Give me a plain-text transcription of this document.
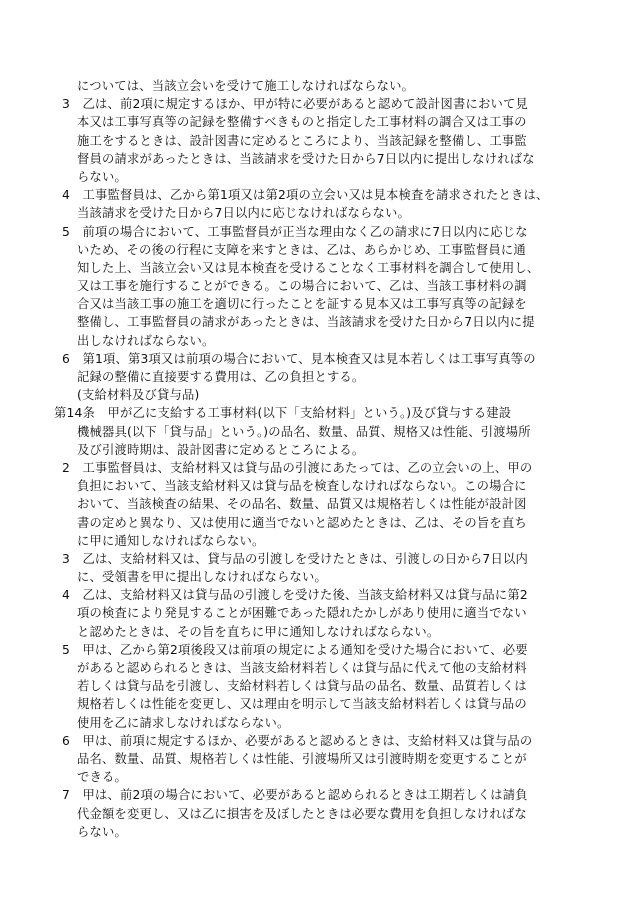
については、当該立会いを受けて施工しなければならない。
3　乙は、前2項に規定するほか、甲が特に必要があると認めて設計図書において見
本又は工事写真等の記録を整備すべきものと指定した工事材料の調合又は工事の
施工をするときは、設計図書に定めるところにより、当該記録を整備し、工事監
督員の請求があったときは、当該請求を受けた日から7日以内に提出しなければな
らない。
4　工事監督員は、乙から第1項又は第2項の立会い又は見本検査を請求されたときは、
当該請求を受けた日から7日以内に応じなければならない。
5　前項の場合において、工事監督員が正当な理由なく乙の請求に7日以内に応じな
いため、その後の行程に支障を来すときは、乙は、あらかじめ、工事監督員に通
知した上、当該立会い又は見本検査を受けることなく工事材料を調合して使用し、
又は工事を施行することができる。この場合において、乙は、当該工事材料の調
合又は当該工事の施工を適切に行ったことを証する見本又は工事写真等の記録を
整備し、工事監督員の請求があったときは、当該請求を受けた日から7日以内に提
出しなければならない。
6　第1項、第3項又は前項の場合において、見本検査又は見本若しくは工事写真等の
記録の整備に直接要する費用は、乙の負担とする。
(支給材料及び貸与品)
第14条　甲が乙に支給する工事材料(以下「支給材料」という。)及び貸与する建設
機械器具(以下「貸与品」という。)の品名、数量、品質、規格又は性能、引渡場所
及び引渡時期は、設計図書に定めるところによる。
2　工事監督員は、支給材料又は貸与品の引渡にあたっては、乙の立会いの上、甲の
負担において、当該支給材料又は貸与品を検査しなければならない。この場合に
おいて、当該検査の結果、その品名、数量、品質又は規格若しくは性能が設計図
書の定めと異なり、又は使用に適当でないと認めたときは、乙は、その旨を直ち
に甲に通知しなければならない。
3　乙は、支給材料又は、貸与品の引渡しを受けたときは、引渡しの日から7日以内
に、受領書を甲に提出しなければならない。
4　乙は、支給材料又は貸与品の引渡しを受けた後、当該支給材料又は貸与品に第2
項の検査により発見することが困難であった隠れたかしがあり使用に適当でない
と認めたときは、その旨を直ちに甲に通知しなければならない。
5　甲は、乙から第2項後段又は前項の規定による通知を受けた場合において、必要
があると認められるときは、当該支給材料若しくは貸与品に代えて他の支給材料
若しくは貸与品を引渡し、支給材料若しくは貸与品の品名、数量、品質若しくは
規格若しくは性能を変更し、又は理由を明示して当該支給材料若しくは貸与品の
使用を乙に請求しなければならない。
6　甲は、前項に規定するほか、必要があると認めるときは、支給材料又は貸与品の
品名、数量、品質、規格若しくは性能、引渡場所又は引渡時期を変更することが
できる。
7　甲は、前2項の場合において、必要があると認められるときは工期若しくは請負
代金額を変更し、又は乙に損害を及ぼしたときは必要な費用を負担しなければな
らない。
